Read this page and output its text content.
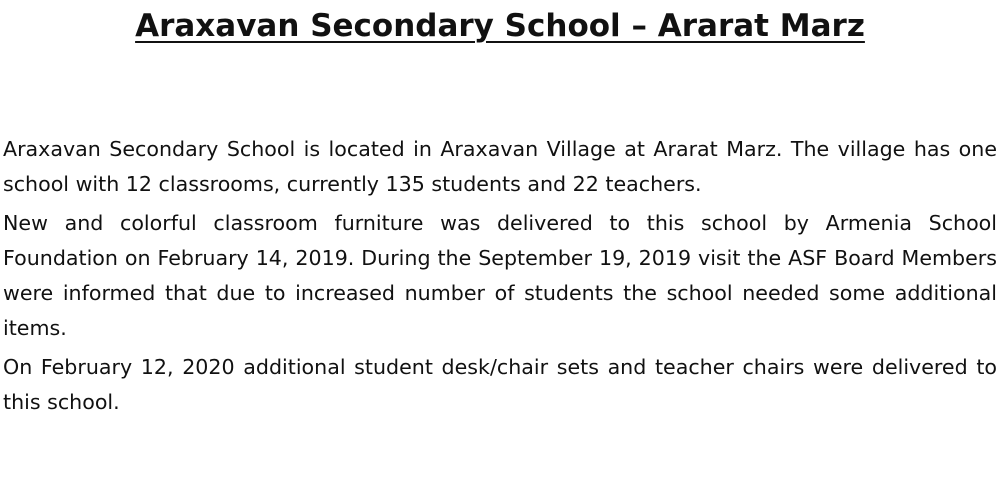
Araxavan Secondary School – Ararat Marz

Araxavan Secondary School is located in Araxavan Village at Ararat Marz. The village has one school with 12 classrooms, currently 135 students and 22 teachers.

New and colorful classroom furniture was delivered to this school by Armenia School Foundation on February 14, 2019. During the September 19, 2019 visit the ASF Board Members were informed that due to increased number of students the school needed some additional items.

On February 12, 2020 additional student desk/chair sets and teacher chairs were delivered to this school.
